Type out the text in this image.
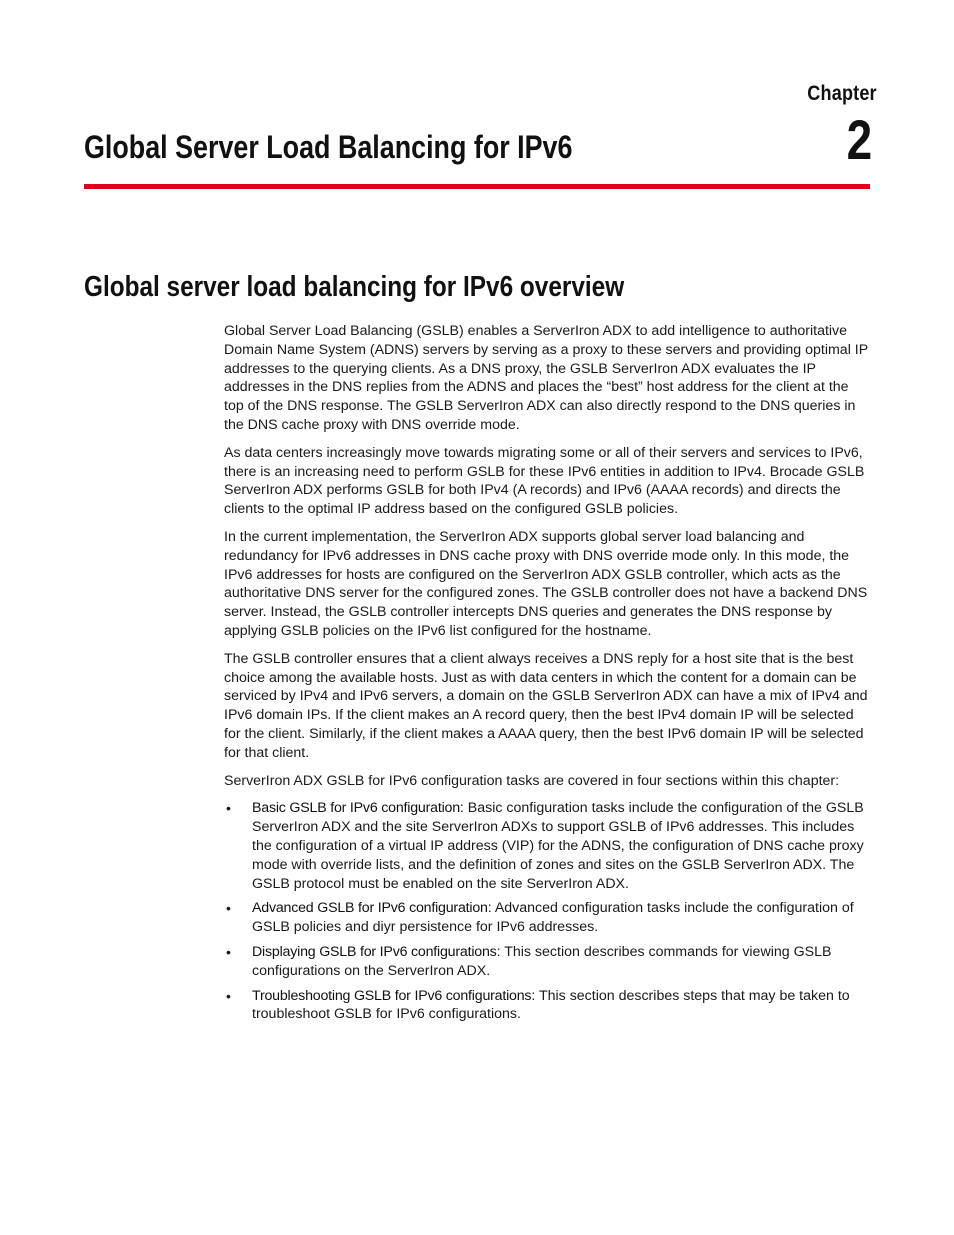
Chapter
2
Global Server Load Balancing for IPv6
Global server load balancing for IPv6 overview

Global Server Load Balancing (GSLB) enables a ServerIron ADX to add intelligence to authoritative Domain Name System (ADNS) servers by serving as a proxy to these servers and providing optimal IP addresses to the querying clients. As a DNS proxy, the GSLB ServerIron ADX evaluates the IP addresses in the DNS replies from the ADNS and places the “best” host address for the client at the top of the DNS response. The GSLB ServerIron ADX can also directly respond to the DNS queries in the DNS cache proxy with DNS override mode.

As data centers increasingly move towards migrating some or all of their servers and services to IPv6, there is an increasing need to perform GSLB for these IPv6 entities in addition to IPv4. Brocade GSLB ServerIron ADX performs GSLB for both IPv4 (A records) and IPv6 (AAAA records) and directs the clients to the optimal IP address based on the configured GSLB policies.

In the current implementation, the ServerIron ADX supports global server load balancing and redundancy for IPv6 addresses in DNS cache proxy with DNS override mode only. In this mode, the IPv6 addresses for hosts are configured on the ServerIron ADX GSLB controller, which acts as the authoritative DNS server for the configured zones. The GSLB controller does not have a backend DNS server. Instead, the GSLB controller intercepts DNS queries and generates the DNS response by applying GSLB policies on the IPv6 list configured for the hostname.

The GSLB controller ensures that a client always receives a DNS reply for a host site that is the best choice among the available hosts. Just as with data centers in which the content for a domain can be serviced by IPv4 and IPv6 servers, a domain on the GSLB ServerIron ADX can have a mix of IPv4 and IPv6 domain IPs. If the client makes an A record query, then the best IPv4 domain IP will be selected for the client. Similarly, if the client makes a AAAA query, then the best IPv6 domain IP will be selected for that client.

ServerIron ADX GSLB for IPv6 configuration tasks are covered in four sections within this chapter:

• Basic GSLB for IPv6 configuration: Basic configuration tasks include the configuration of the GSLB ServerIron ADX and the site ServerIron ADXs to support GSLB of IPv6 addresses. This includes the configuration of a virtual IP address (VIP) for the ADNS, the configuration of DNS cache proxy mode with override lists, and the definition of zones and sites on the GSLB ServerIron ADX. The GSLB protocol must be enabled on the site ServerIron ADX.
• Advanced GSLB for IPv6 configuration: Advanced configuration tasks include the configuration of GSLB policies and diyr persistence for IPv6 addresses.
• Displaying GSLB for IPv6 configurations: This section describes commands for viewing GSLB configurations on the ServerIron ADX.
• Troubleshooting GSLB for IPv6 configurations: This section describes steps that may be taken to troubleshoot GSLB for IPv6 configurations.
